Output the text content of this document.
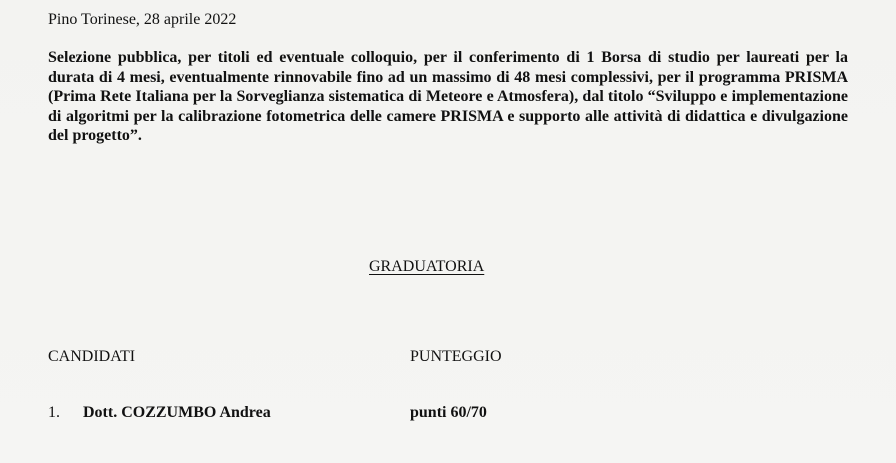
Pino Torinese, 28 aprile 2022
Selezione pubblica, per titoli ed eventuale colloquio, per il conferimento di 1 Borsa di studio per laureati per la durata di 4 mesi, eventualmente rinnovabile fino ad un massimo di 48 mesi complessivi, per il programma PRISMA (Prima Rete Italiana per la Sorveglianza sistematica di Meteore e Atmosfera), dal titolo “Sviluppo e implementazione di algoritmi per la calibrazione fotometrica delle camere PRISMA e supporto alle attività di didattica e divulgazione del progetto”.
GRADUATORIA
CANDIDATI	PUNTEGGIO
1. Dott. COZZUMBO Andrea	punti 60/70
